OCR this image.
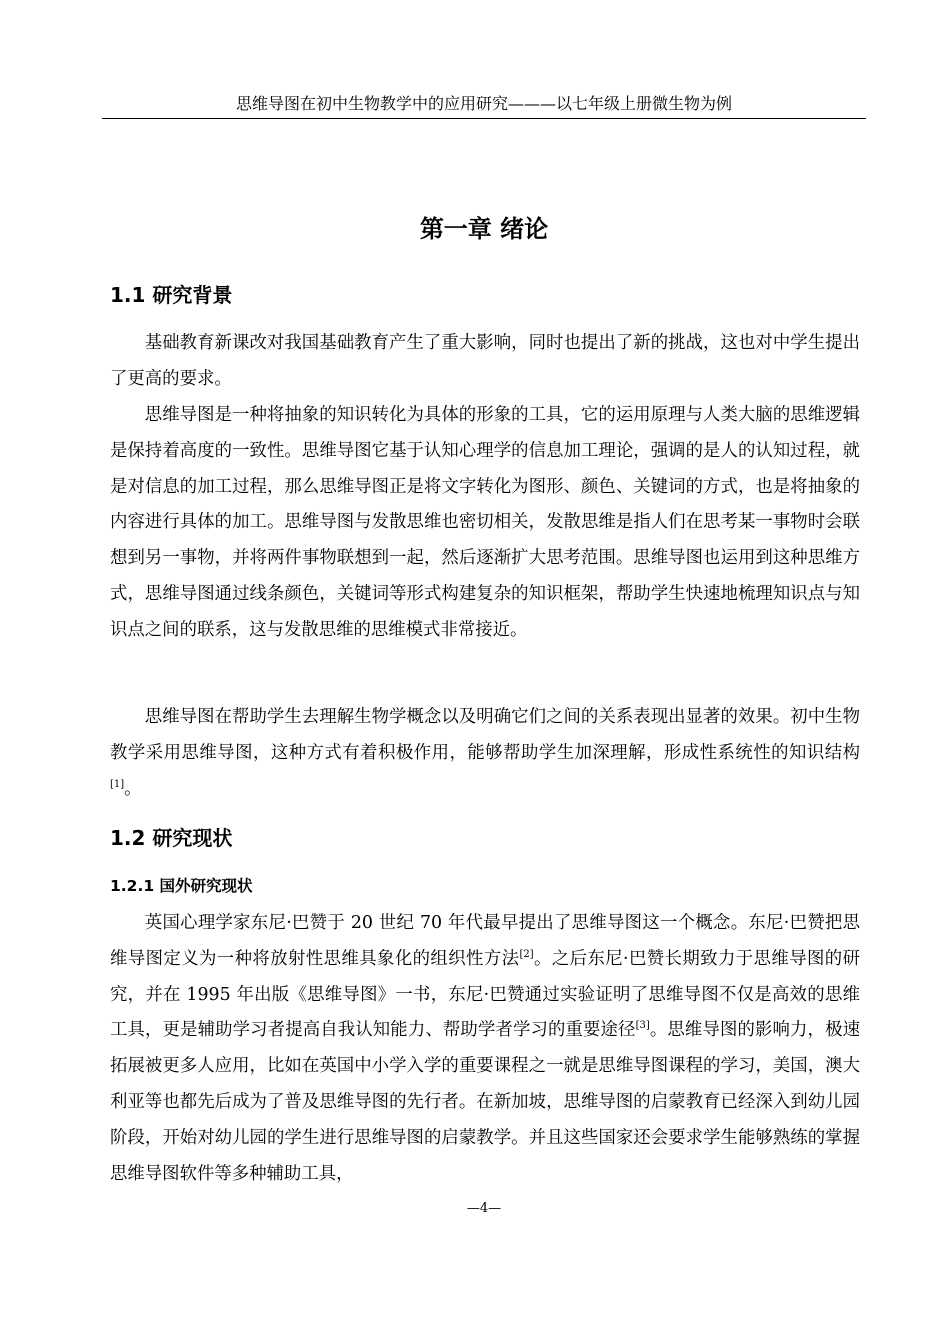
思维导图在初中生物教学中的应用研究———以七年级上册微生物为例
第一章 绪论
1.1 研究背景

基础教育新课改对我国基础教育产生了重大影响，同时也提出了新的挑战，这也对中学生提出了更高的要求。

思维导图是一种将抽象的知识转化为具体的形象的工具，它的运用原理与人类大脑的思维逻辑是保持着高度的一致性。思维导图它基于认知心理学的信息加工理论，强调的是人的认知过程，就是对信息的加工过程，那么思维导图正是将文字转化为图形、颜色、关键词的方式，也是将抽象的内容进行具体的加工。思维导图与发散思维也密切相关，发散思维是指人们在思考某一事物时会联想到另一事物，并将两件事物联想到一起，然后逐渐扩大思考范围。思维导图也运用到这种思维方式，思维导图通过线条颜色，关键词等形式构建复杂的知识框架，帮助学生快速地梳理知识点与知识点之间的联系，这与发散思维的思维模式非常接近。

思维导图在帮助学生去理解生物学概念以及明确它们之间的关系表现出显著的效果。初中生物教学采用思维导图，这种方式有着积极作用，能够帮助学生加深理解，形成性系统性的知识结构[1]。

1.2 研究现状
1.2.1 国外研究现状

英国心理学家东尼·巴赞于 20 世纪 70 年代最早提出了思维导图这一个概念。东尼·巴赞把思维导图定义为一种将放射性思维具象化的组织性方法[2]。之后东尼·巴赞长期致力于思维导图的研究，并在 1995 年出版《思维导图》一书，东尼·巴赞通过实验证明了思维导图不仅是高效的思维工具，更是辅助学习者提高自我认知能力、帮助学者学习的重要途径[3]。思维导图的影响力，极速拓展被更多人应用，比如在英国中小学入学的重要课程之一就是思维导图课程的学习，美国，澳大利亚等也都先后成为了普及思维导图的先行者。在新加坡，思维导图的启蒙教育已经深入到幼儿园阶段，开始对幼儿园的学生进行思维导图的启蒙教学。并且这些国家还会要求学生能够熟练的掌握思维导图软件等多种辅助工具，

—4—
